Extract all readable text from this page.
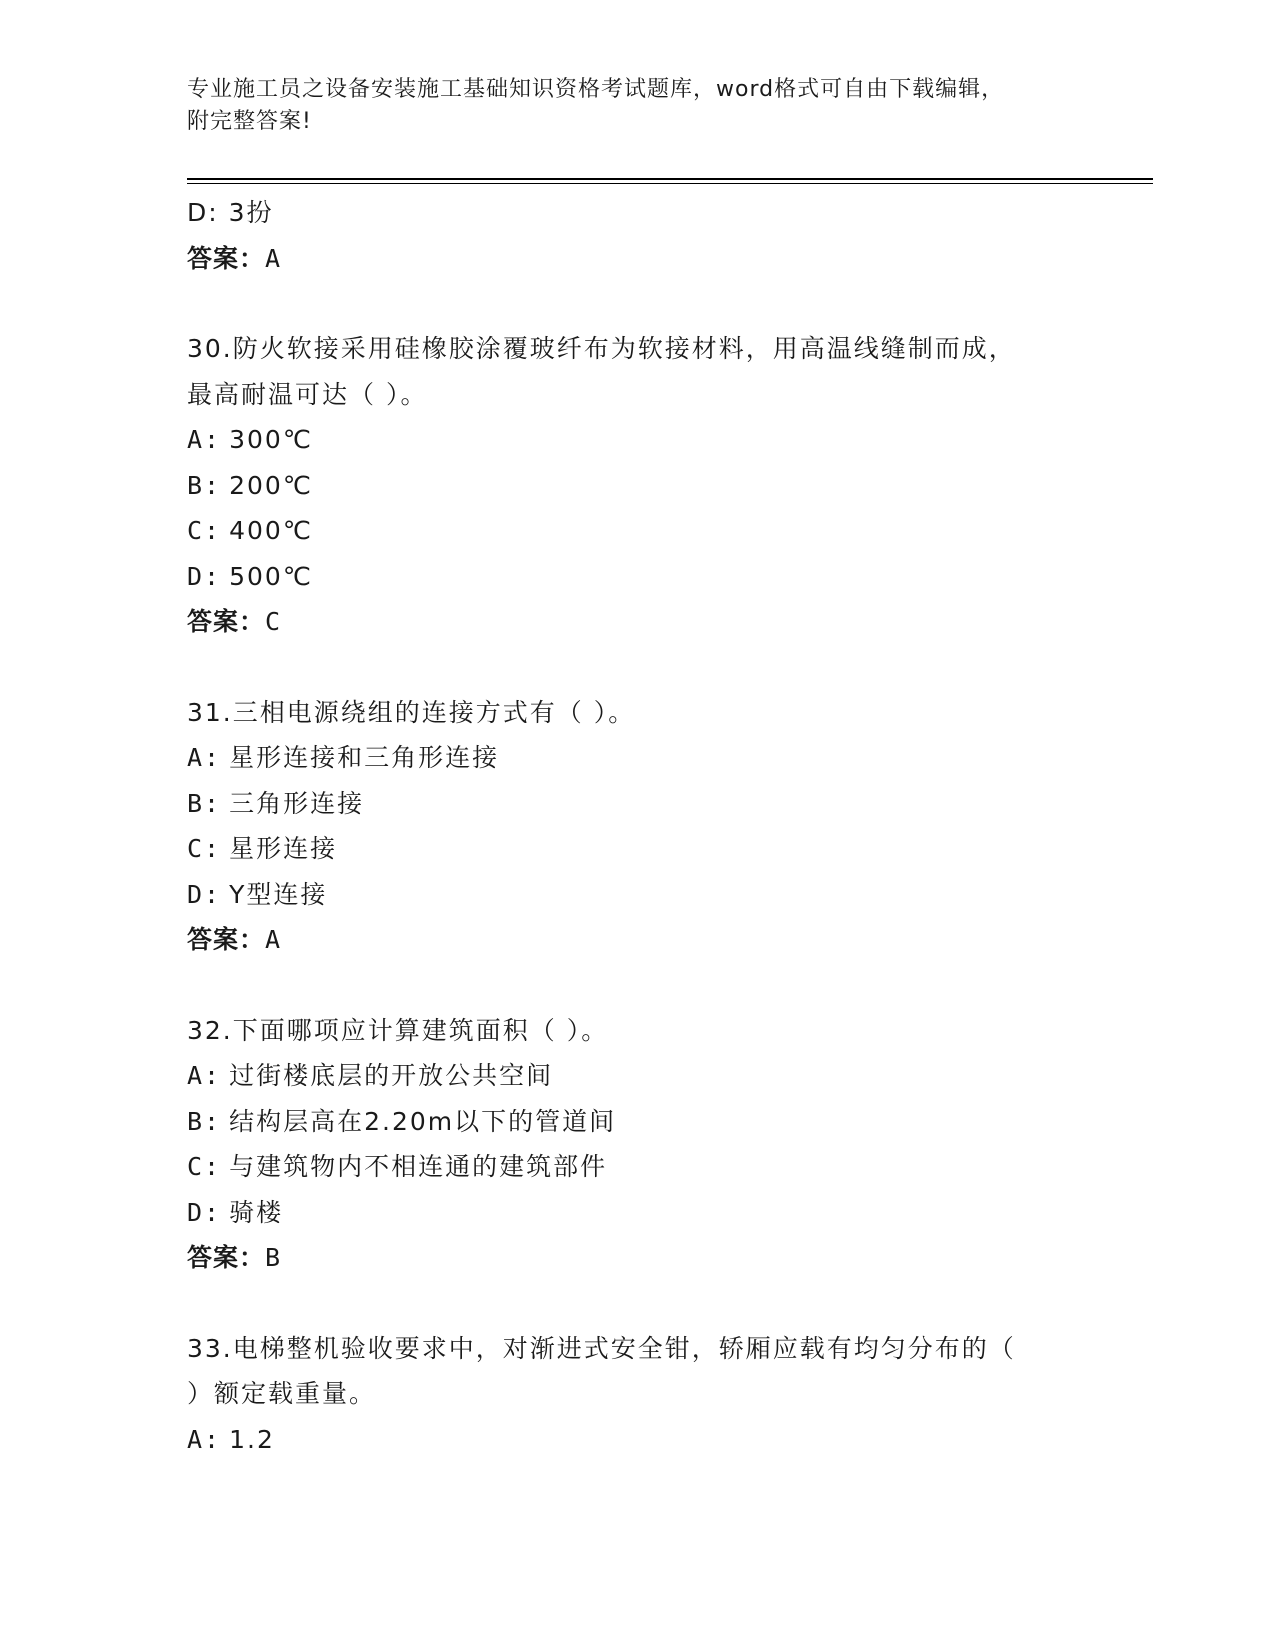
专业施工员之设备安装施工基础知识资格考试题库，word格式可自由下载编辑，
附完整答案!
D: 3扮
答案：A
30.防火软接采用硅橡胶涂覆玻纤布为软接材料，用高温线缝制而成，
最高耐温可达（ ）。
A: 300℃
B: 200℃
C: 400℃
D: 500℃
答案：C
31.三相电源绕组的连接方式有（ ）。
A: 星形连接和三角形连接
B: 三角形连接
C: 星形连接
D: Y型连接
答案：A
32.下面哪项应计算建筑面积（ ）。
A: 过街楼底层的开放公共空间
B: 结构层高在2.20m以下的管道间
C: 与建筑物内不相连通的建筑部件
D: 骑楼
答案：B
33.电梯整机验收要求中，对渐进式安全钳，轿厢应载有均匀分布的（
）额定载重量。
A: 1.2
